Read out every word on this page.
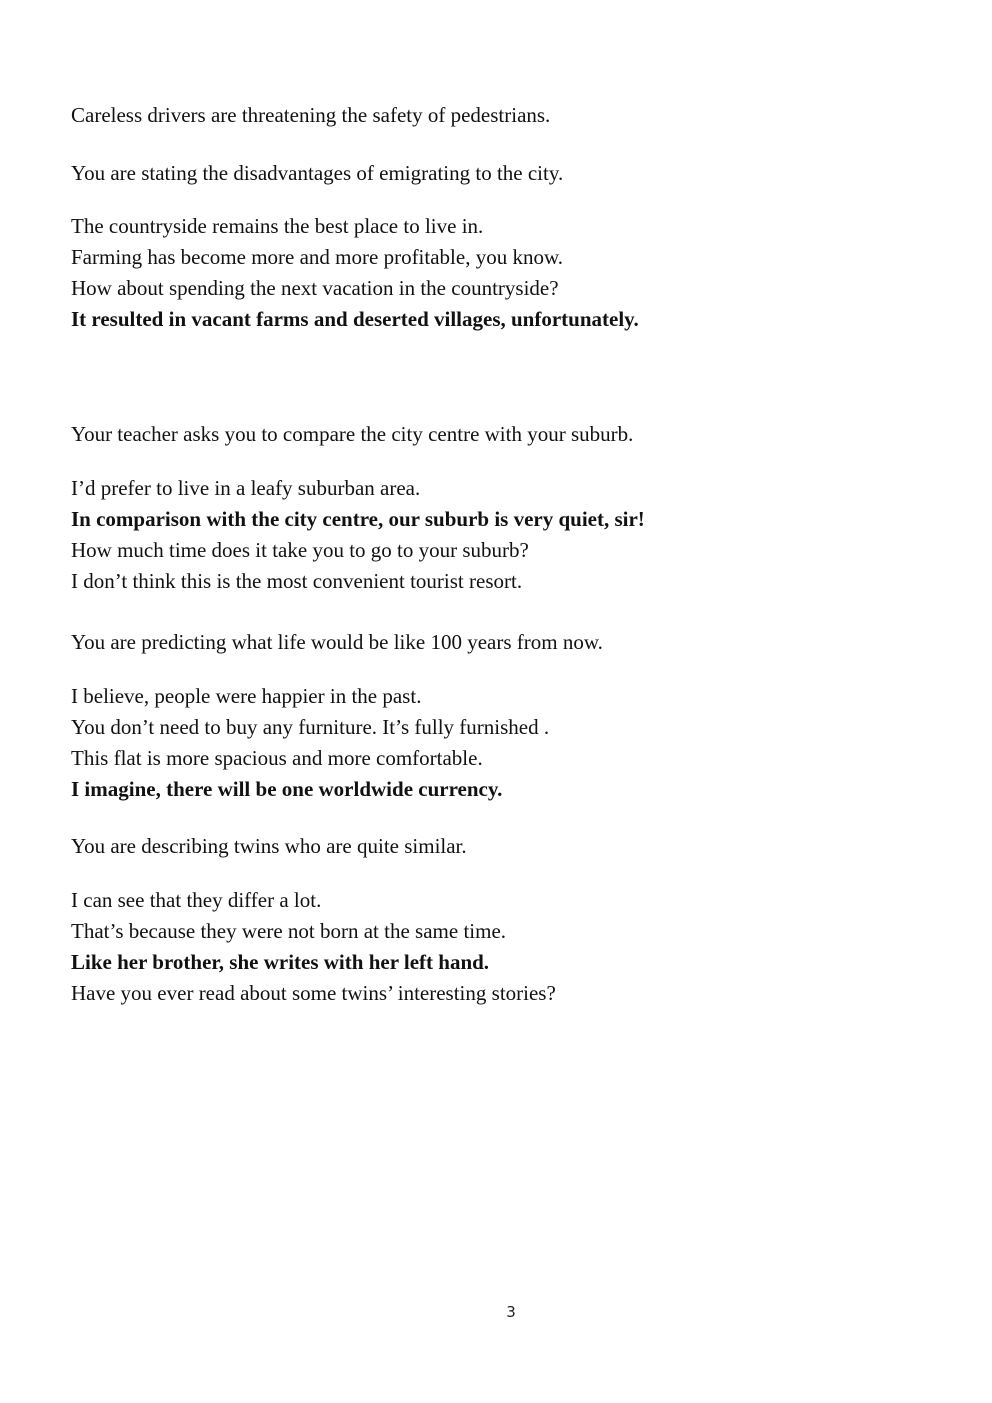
Careless drivers are threatening the safety of pedestrians.
You are stating the disadvantages of emigrating to the city.
The countryside remains the best place to live in.
Farming has become more and more profitable, you know.
How about spending the next vacation in the countryside?
It resulted in vacant farms and deserted villages, unfortunately.
Your teacher asks you to compare the city centre with your suburb.
I’d prefer to live in a leafy suburban area.
In comparison with the city centre, our suburb is very quiet, sir!
How much time does it take you to go to your suburb?
I don’t think this is the most convenient tourist resort.
You are predicting what life would be like 100 years from now.
I believe, people were happier in the past.
You don’t need to buy any furniture. It’s fully furnished .
This flat is more spacious and more comfortable.
I imagine, there will be one worldwide currency.
You are describing twins who are quite similar.
I can see that they differ a lot.
That’s because they were not born at the same time.
Like her brother, she writes with her left hand.
Have you ever read about some twins’ interesting stories?
3
